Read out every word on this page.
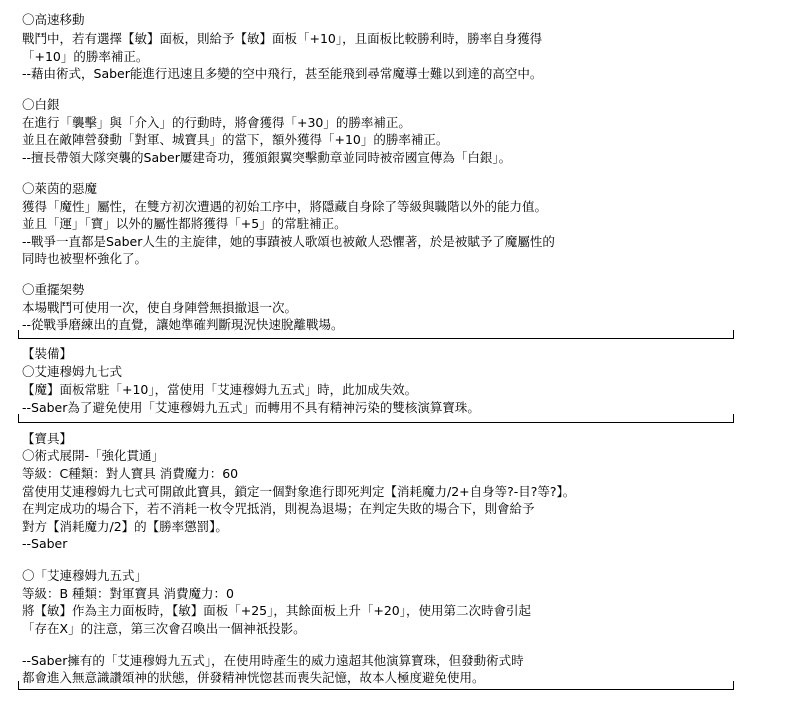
〇高速移動
戰鬥中，若有選擇【敏】面板，則給予【敏】面板「+10」，且面板比較勝利時，勝率自身獲得
「+10」的勝率補正。
--藉由術式，Saber能進行迅速且多變的空中飛行，甚至能飛到尋常魔導士難以到達的高空中。
〇白銀
在進行「襲擊」與「介入」的行動時，將會獲得「+30」的勝率補正。
並且在敵陣營發動「對軍、城寶具」的當下，額外獲得「+10」的勝率補正。
--擅長帶領大隊突襲的Saber屢建奇功，獲頒銀翼突擊勳章並同時被帝國宣傳為「白銀」。
〇萊茵的惡魔
獲得「魔性」屬性，在雙方初次遭遇的初始工序中，將隱藏自身除了等級與職階以外的能力值。
並且「運」「寶」以外的屬性都將獲得「+5」的常駐補正。
--戰爭一直都是Saber人生的主旋律，她的事蹟被人歌頌也被敵人恐懼著，於是被賦予了魔屬性的
同時也被聖杯強化了。
〇重擺架勢
本場戰鬥可使用一次，使自身陣營無損撤退一次。
--從戰爭磨練出的直覺，讓她準確判斷現況快速脫離戰場。
【裝備】
〇艾連穆姆九七式
【魔】面板常駐「+10」，當使用「艾連穆姆九五式」時，此加成失效。
--Saber為了避免使用「艾連穆姆九五式」而轉用不具有精神污染的雙核演算寶珠。
【寶具】
〇術式展開-「強化貫通」
等級：C種類：對人寶具 消費魔力：60
當使用艾連穆姆九七式可開啟此寶具，鎖定一個對象進行即死判定【消耗魔力/2+自身等?-目?等?】。
在判定成功的場合下，若不消耗一枚令咒抵消，則視為退場；在判定失敗的場合下，則會給予
對方【消耗魔力/2】的【勝率懲罰】。
--Saber
〇「艾連穆姆九五式」
等級：B 種類：對軍寶具 消費魔力：0
將【敏】作為主力面板時，【敏】面板「+25」，其餘面板上升「+20」，使用第二次時會引起
「存在X」的注意，第三次會召喚出一個神祇投影。
--Saber擁有的「艾連穆姆九五式」，在使用時產生的威力遠超其他演算寶珠，但發動術式時
都會進入無意識讚頌神的狀態，併發精神恍惚甚而喪失記憶，故本人極度避免使用。
